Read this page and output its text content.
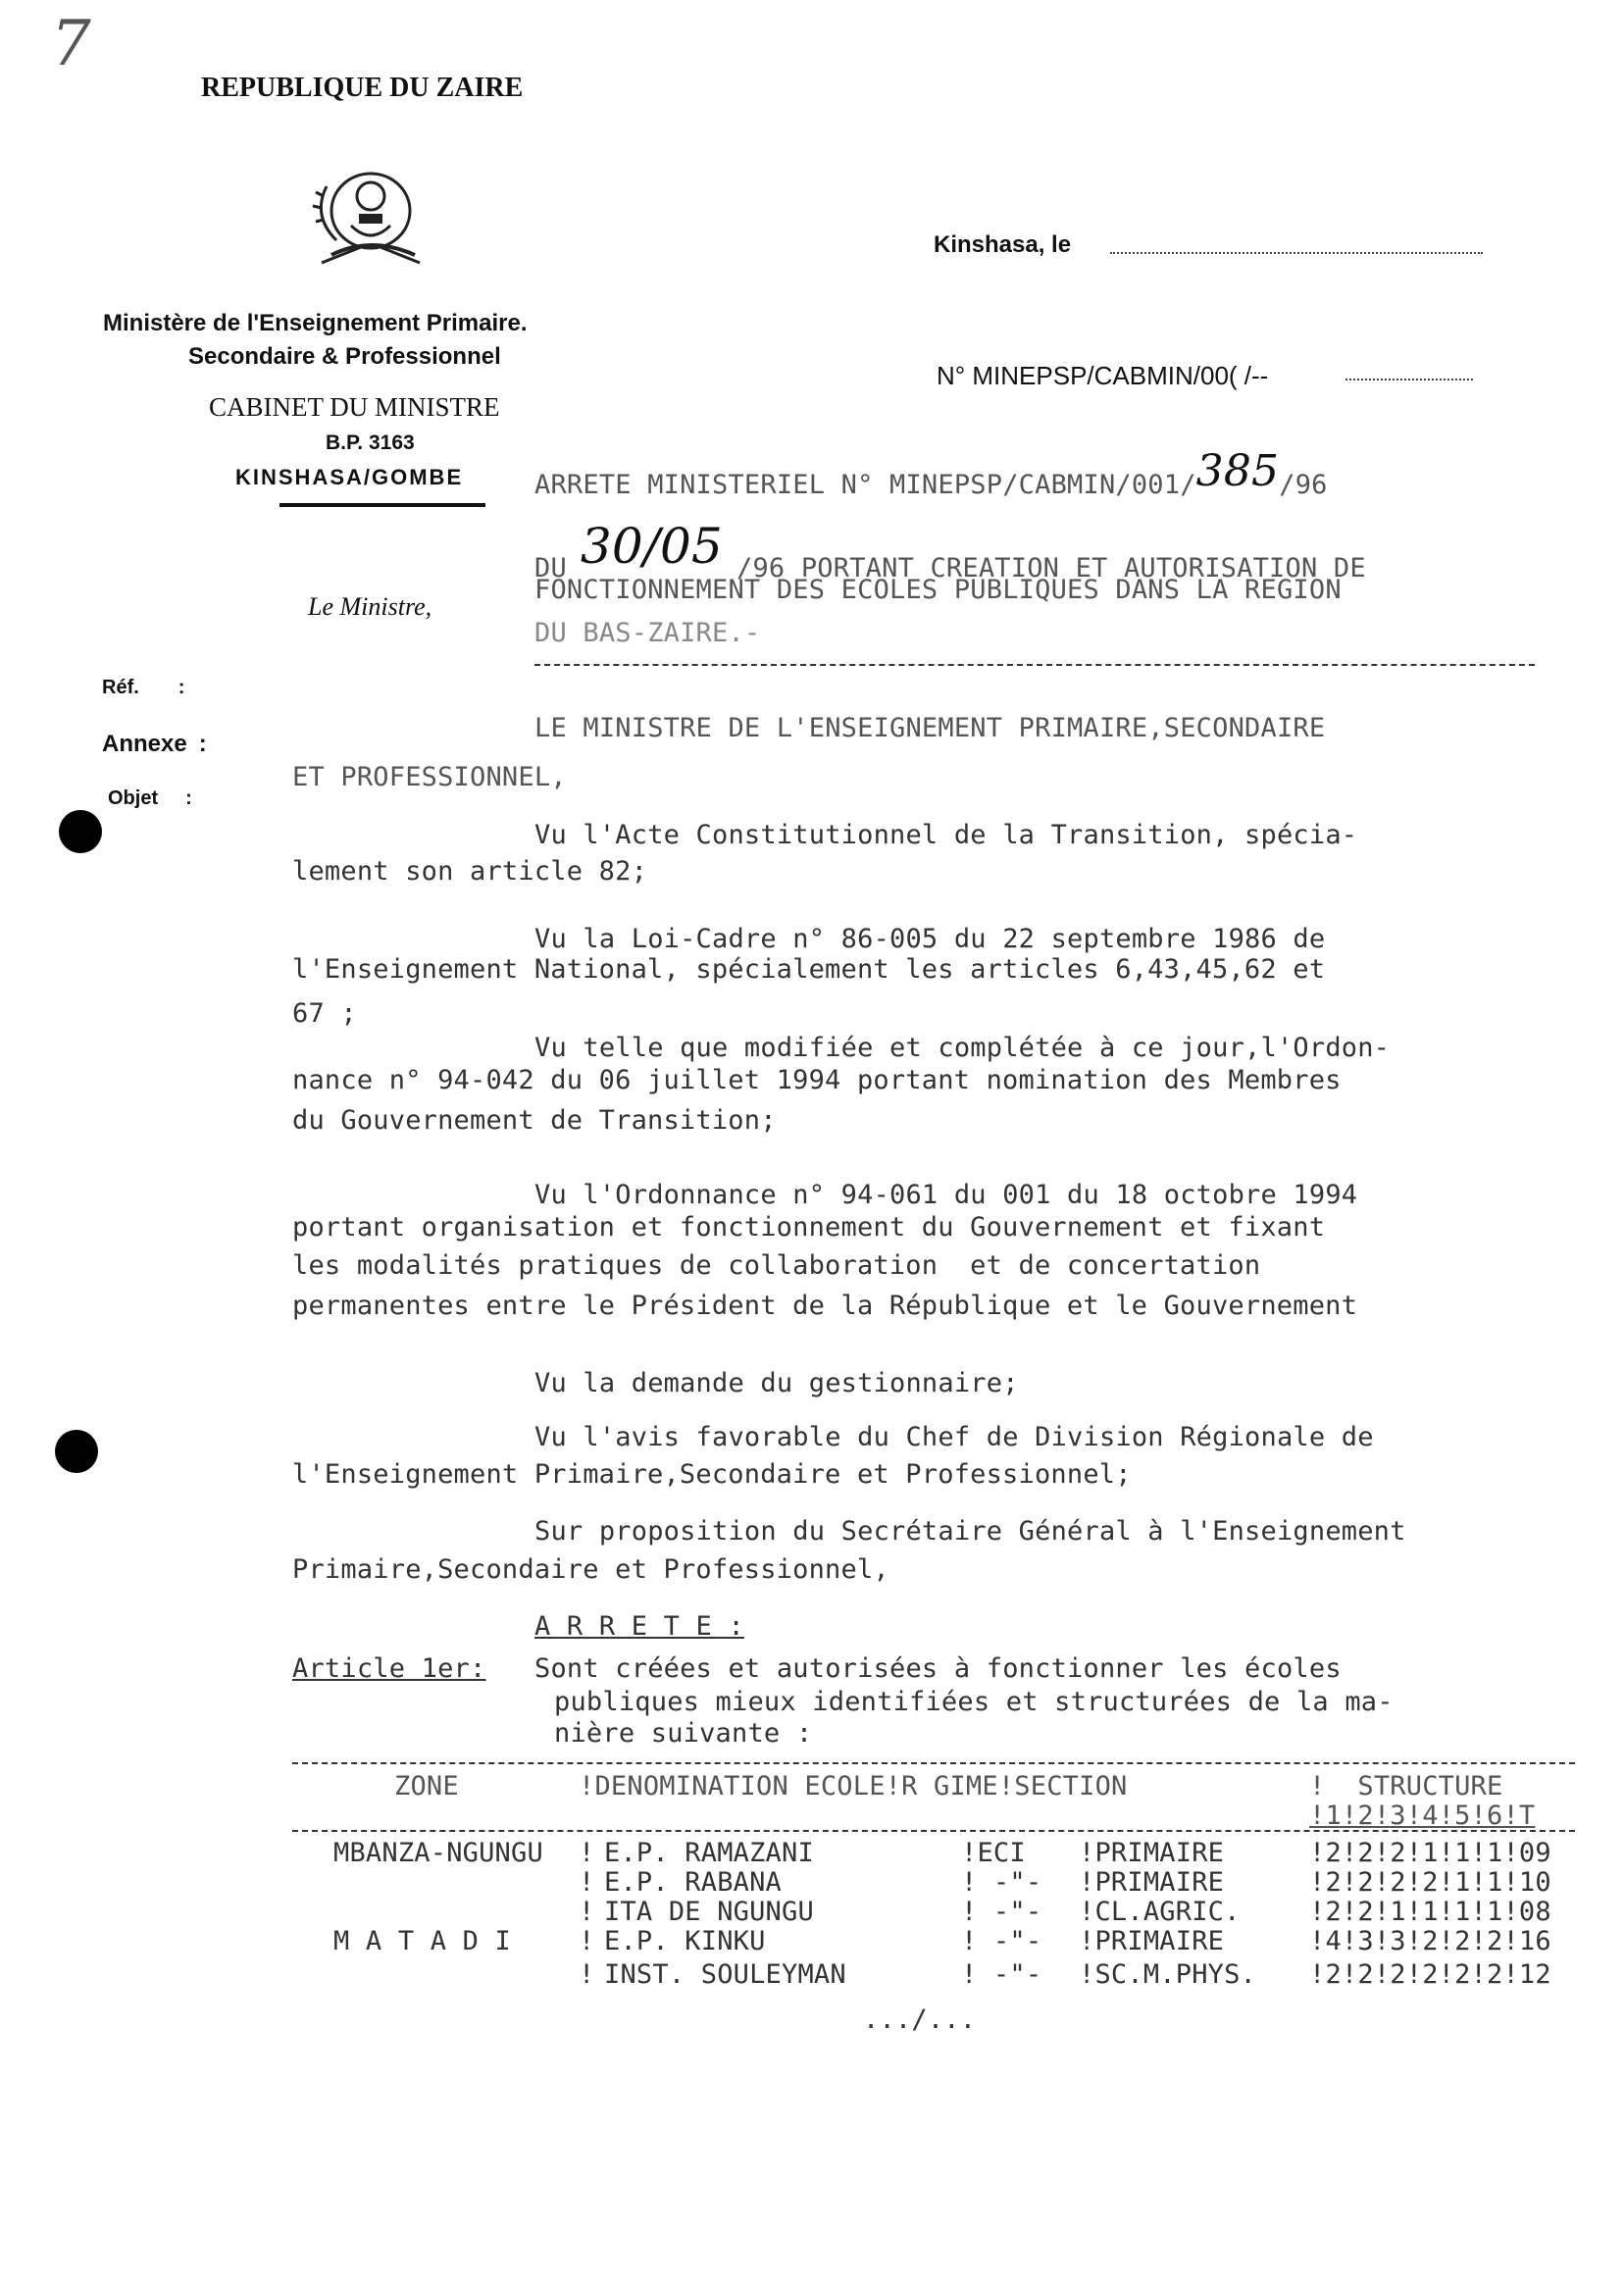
7
REPUBLIQUE DU ZAIRE
Ministère de l'Enseignement Primaire.
Secondaire & Professionnel
CABINET DU MINISTRE
B.P. 3163
KINSHASA/GOMBE
Le Ministre,
Kinshasa, le
N° MINEPSP/CABMIN/00( /--
Réf. :
Annexe :
Objet :
ARRETE MINISTERIEL N° MINEPSP/CABMIN/001/385/96
DU 30/05 /96 PORTANT CREATION ET AUTORISATION DE
FONCTIONNEMENT DES ECOLES PUBLIQUES DANS LA REGION
DU BAS-ZAIRE.-
LE MINISTRE DE L'ENSEIGNEMENT PRIMAIRE,SECONDAIRE
ET PROFESSIONNEL,
Vu l'Acte Constitutionnel de la Transition, spécia-
lement son article 82;
Vu la Loi-Cadre n° 86-005 du 22 septembre 1986 de
l'Enseignement National, spécialement les articles 6,43,45,62 et
67 ;
Vu telle que modifiée et complétée à ce jour,l'Ordon-
nance n° 94-042 du 06 juillet 1994 portant nomination des Membres
du Gouvernement de Transition;
Vu l'Ordonnance n° 94-061 du 001 du 18 octobre 1994
portant organisation et fonctionnement du Gouvernement et fixant
les modalités pratiques de collaboration  et de concertation
permanentes entre le Président de la République et le Gouvernement
Vu la demande du gestionnaire;
Vu l'avis favorable du Chef de Division Régionale de
l'Enseignement Primaire,Secondaire et Professionnel;
Sur proposition du Secrétaire Général à l'Enseignement
Primaire,Secondaire et Professionnel,
A R R E T E :
Article 1er: Sont créées et autorisées à fonctionner les écoles
publiques mieux identifiées et structurées de la ma-
nière suivante :
ZONE	!DENOMINATION ECOLE!R GIME!SECTION	!  STRUCTURE
!1!2!3!4!5!6!T
MBANZA-NGUNGU ! E.P. RAMAZANI	!ECI !PRIMAIRE	!2!2!2!1!1!1!09
! E.P. RABANA	! -"- !PRIMAIRE	!2!2!2!2!1!1!10
! ITA DE NGUNGU	! -"- !CL.AGRIC.	!2!2!1!1!1!1!08
M A T A D I	! E.P. KINKU	! -"- !PRIMAIRE	!4!3!3!2!2!2!16
! INST. SOULEYMAN	! -"- !SC.M.PHYS. !2!2!2!2!2!2!12
.../...
